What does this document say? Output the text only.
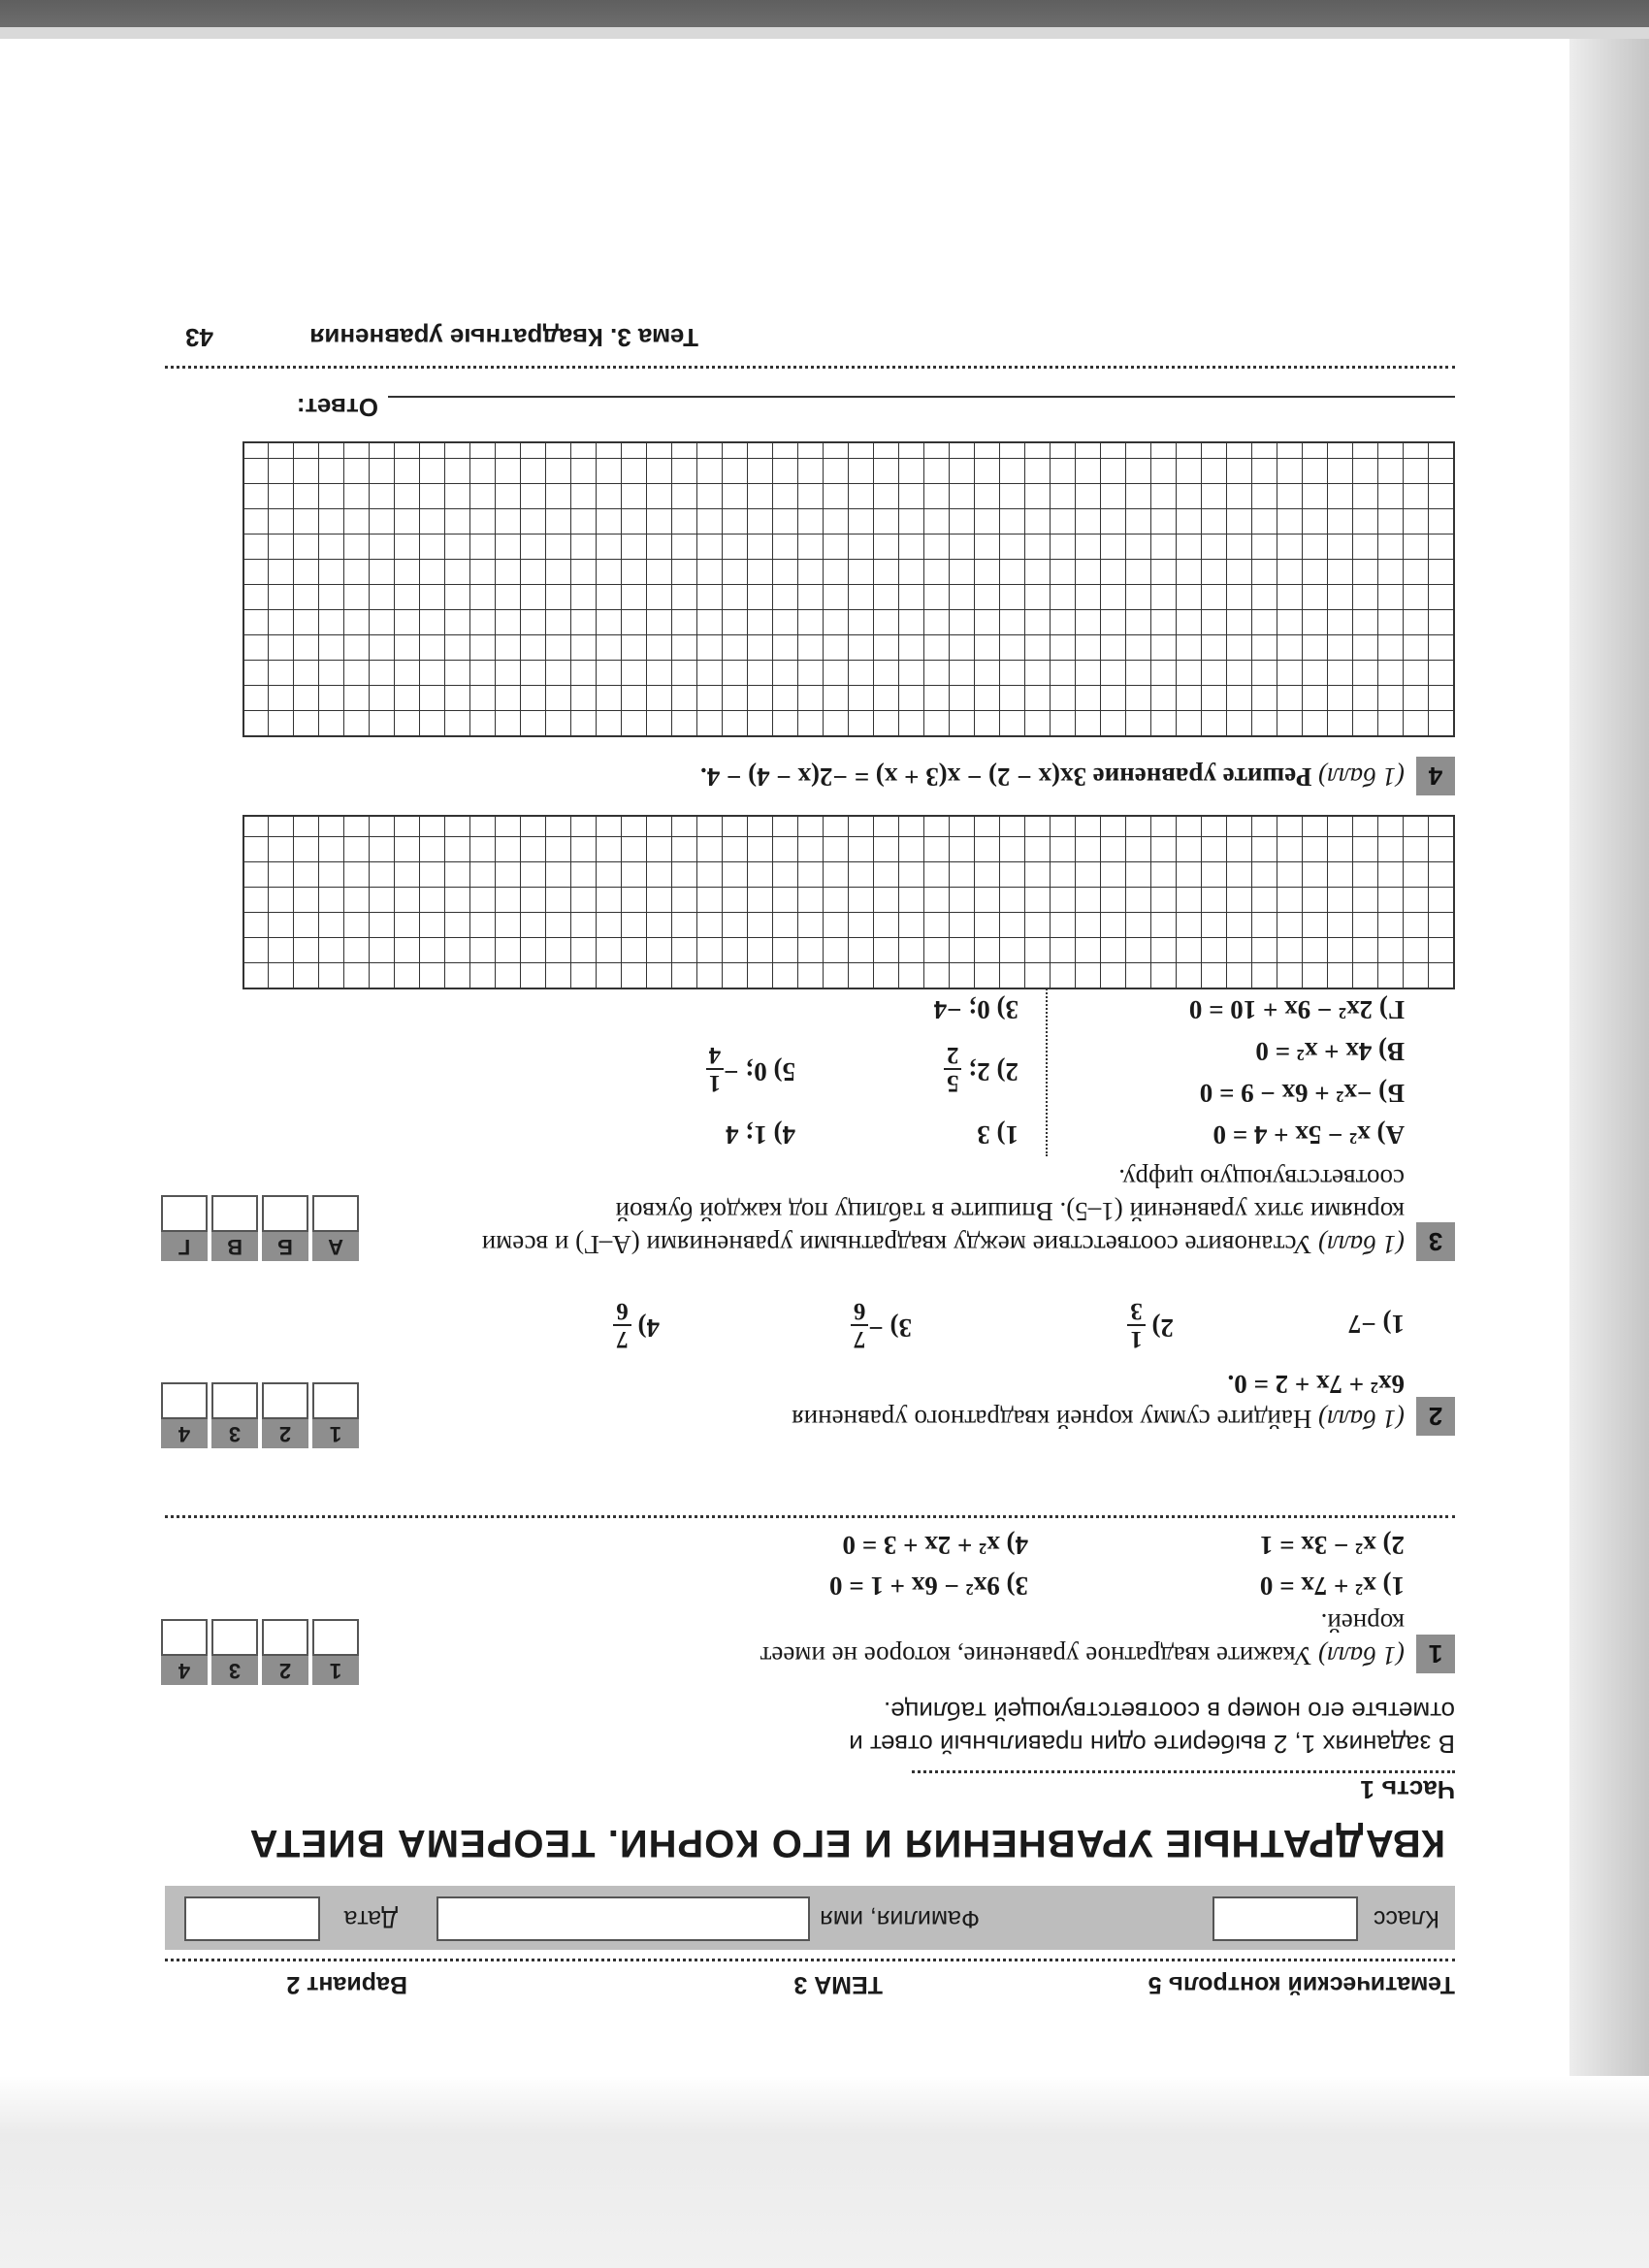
Тематический контроль 5
ТЕМА 3
Вариант 2
Класс
Фамилия, имя
Дата
КВАДРАТНЫЕ УРАВНЕНИЯ И ЕГО КОРНИ. ТЕОРЕМА ВИЕТА
Часть 1
В заданиях 1, 2 выберите один правильный ответ и отметьте его номер в соответствующей таблице.
1
(1 балл) Укажите квадратное уравнение, которое не имеет корней.
1
2
3
4
1) x² + 7x = 0
2) x² − 3x = 1
3) 9x² − 6x + 1 = 0
4) x² + 2x + 3 = 0
2
(1 балл) Найдите сумму корней квадратного уравнения
6x² + 7x + 2 = 0.
1
2
3
4
1) −7
2)
1
3
3) −
7
6
4)
7
6
3
(1 балл) Установите соответствие между квадратными уравнениями (А–Г) и всеми корнями этих уравнений (1–5). Впишите в таблицу под каждой буквой соответствующую цифру.
А
Б
В
Г
А) x² − 5x + 4 = 0
Б) −x² + 6x − 9 = 0
В) 4x + x² = 0
Г) 2x² − 9x + 10 = 0
1) 3
2) 2;
5
2
3) 0; −4
4) 1; 4
5) 0; −
1
4
4
(1 балл) Решите уравнение 3x(x − 2) − x(3 + x) = −2(x − 4) − 4.
Ответ:
Тема 3. Квадратные уравнения
43
